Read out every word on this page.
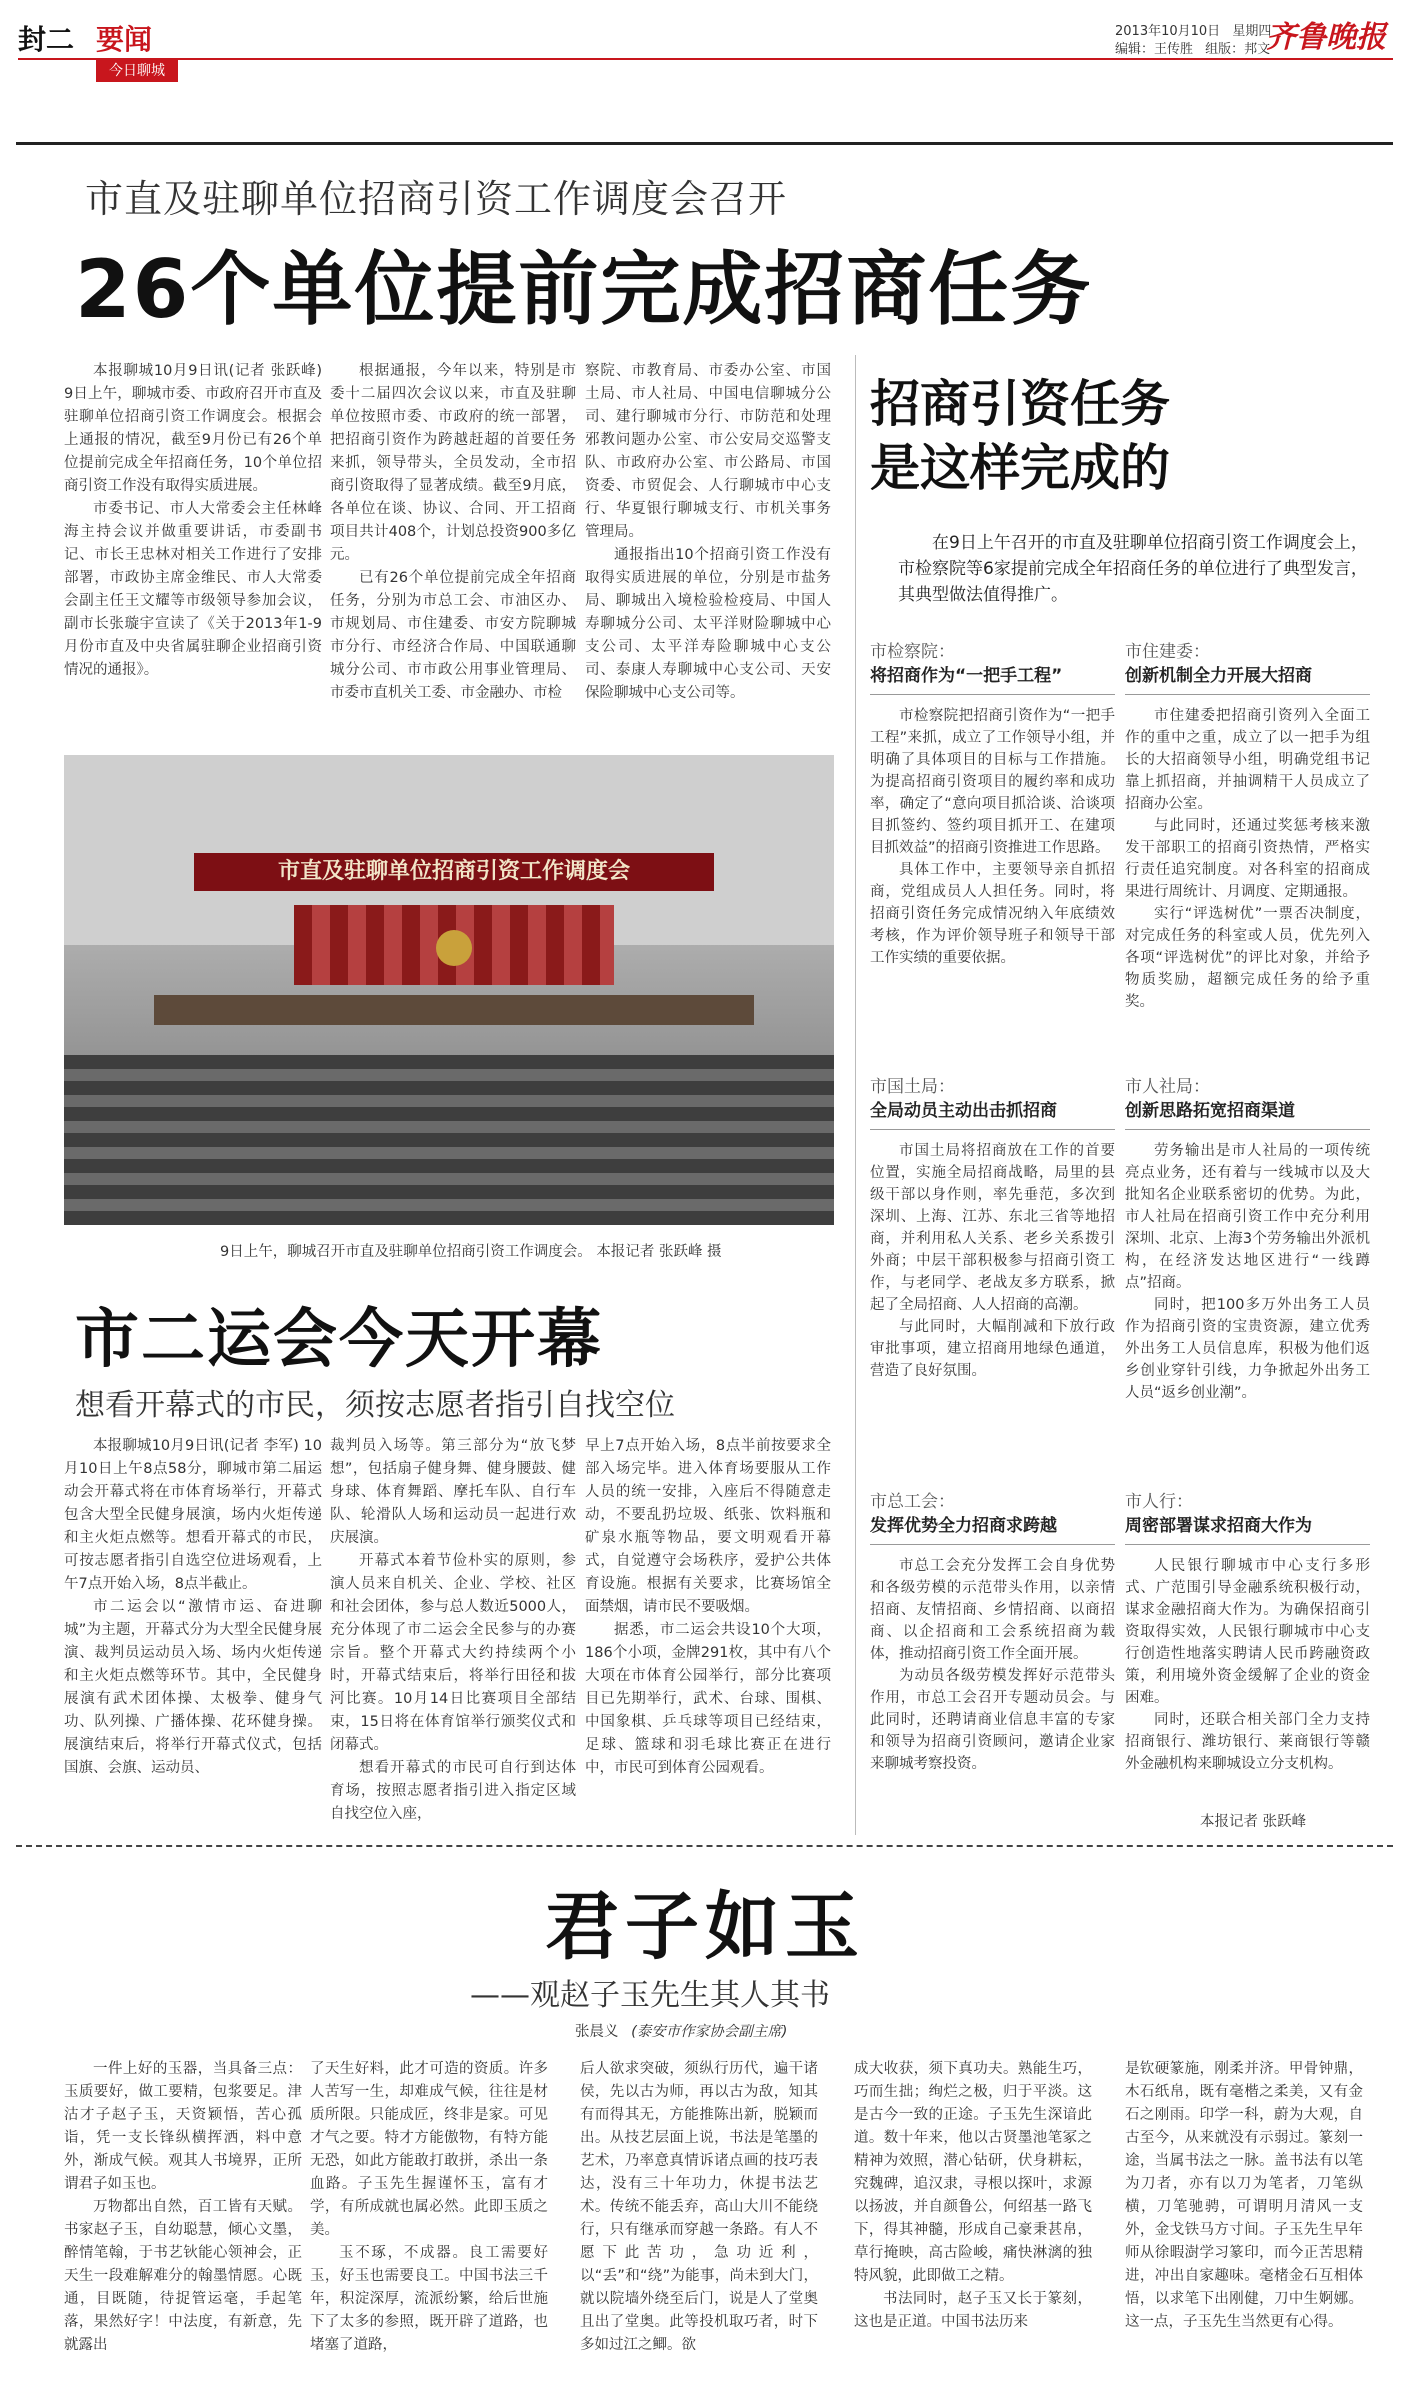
封二 要闻
今日聊城
2013年10月10日 星期四
编辑：王传胜 组版：邦文
齐鲁晚报
市直及驻聊单位招商引资工作调度会召开
26个单位提前完成招商任务

本报聊城10月9日讯(记者 张跃峰) 9日上午，聊城市委、市政府召开市直及驻聊单位招商引资工作调度会。根据会上通报的情况，截至9月份已有26个单位提前完成全年招商任务，10个单位招商引资工作没有取得实质进展。

市委书记、市人大常委会主任林峰海主持会议并做重要讲话，市委副书记、市长王忠林对相关工作进行了安排部署，市政协主席金维民、市人大常委会副主任王文耀等市级领导参加会议，副市长张璇宇宣读了《关于2013年1-9月份市直及中央省属驻聊企业招商引资情况的通报》。

根据通报，今年以来，特别是市委十二届四次会议以来，市直及驻聊单位按照市委、市政府的统一部署，把招商引资作为跨越赶超的首要任务来抓，领导带头，全员发动，全市招商引资取得了显著成绩。截至9月底，各单位在谈、协议、合同、开工招商项目共计408个，计划总投资900多亿元。

已有26个单位提前完成全年招商任务，分别为市总工会、市油区办、市规划局、市住建委、市安方院聊城市分行、市经济合作局、中国联通聊城分公司、市市政公用事业管理局、市委市直机关工委、市金融办、市检

察院、市教育局、市委办公室、市国土局、市人社局、中国电信聊城分公司、建行聊城市分行、市防范和处理邪教问题办公室、市公安局交巡警支队、市政府办公室、市公路局、市国资委、市贸促会、人行聊城市中心支行、华夏银行聊城支行、市机关事务管理局。

通报指出10个招商引资工作没有取得实质进展的单位，分别是市盐务局、聊城出入境检验检疫局、中国人寿聊城分公司、太平洋财险聊城中心支公司、太平洋寿险聊城中心支公司、泰康人寿聊城中心支公司、天安保险聊城中心支公司等。

市直及驻聊单位招商引资工作调度会
9日上午，聊城召开市直及驻聊单位招商引资工作调度会。 本报记者 张跃峰 摄
招商引资任务
是这样完成的
在9日上午召开的市直及驻聊单位招商引资工作调度会上，市检察院等6家提前完成全年招商任务的单位进行了典型发言，其典型做法值得推广。
市检察院：
将招商作为“一把手工程”

市检察院把招商引资作为“一把手工程”来抓，成立了工作领导小组，并明确了具体项目的目标与工作措施。为提高招商引资项目的履约率和成功率，确定了“意向项目抓洽谈、洽谈项目抓签约、签约项目抓开工、在建项目抓效益”的招商引资推进工作思路。

具体工作中，主要领导亲自抓招商，党组成员人人担任务。同时，将招商引资任务完成情况纳入年底绩效考核，作为评价领导班子和领导干部工作实绩的重要依据。

市住建委：
创新机制全力开展大招商

市住建委把招商引资列入全面工作的重中之重，成立了以一把手为组长的大招商领导小组，明确党组书记靠上抓招商，并抽调精干人员成立了招商办公室。

与此同时，还通过奖惩考核来激发干部职工的招商引资热情，严格实行责任追究制度。对各科室的招商成果进行周统计、月调度、定期通报。

实行“评选树优”一票否决制度，对完成任务的科室或人员，优先列入各项“评选树优”的评比对象，并给予物质奖励，超额完成任务的给予重奖。

市国土局：
全局动员主动出击抓招商

市国土局将招商放在工作的首要位置，实施全局招商战略，局里的县级干部以身作则，率先垂范，多次到深圳、上海、江苏、东北三省等地招商，并利用私人关系、老乡关系拨引外商；中层干部积极参与招商引资工作，与老同学、老战友多方联系，掀起了全局招商、人人招商的高潮。

与此同时，大幅削减和下放行政审批事项，建立招商用地绿色通道，营造了良好氛围。

市人社局：
创新思路拓宽招商渠道

劳务输出是市人社局的一项传统亮点业务，还有着与一线城市以及大批知名企业联系密切的优势。为此，市人社局在招商引资工作中充分利用深圳、北京、上海3个劳务输出外派机构，在经济发达地区进行“一线蹲点”招商。

同时，把100多万外出务工人员作为招商引资的宝贵资源，建立优秀外出务工人员信息库，积极为他们返乡创业穿针引线，力争掀起外出务工人员“返乡创业潮”。

市总工会：
发挥优势全力招商求跨越

市总工会充分发挥工会自身优势和各级劳模的示范带头作用，以亲情招商、友情招商、乡情招商、以商招商、以企招商和工会系统招商为载体，推动招商引资工作全面开展。

为动员各级劳模发挥好示范带头作用，市总工会召开专题动员会。与此同时，还聘请商业信息丰富的专家和领导为招商引资顾问，邀请企业家来聊城考察投资。

市人行：
周密部署谋求招商大作为

人民银行聊城市中心支行多形式、广范围引导金融系统积极行动，谋求金融招商大作为。为确保招商引资取得实效，人民银行聊城市中心支行创造性地落实聘请人民币跨融资政策，利用境外资金缓解了企业的资金困难。

同时，还联合相关部门全力支持招商银行、潍坊银行、莱商银行等赣外金融机构来聊城设立分支机构。

本报记者 张跃峰
市二运会今天开幕
想看开幕式的市民，须按志愿者指引自找空位

本报聊城10月9日讯(记者 李军) 10月10日上午8点58分，聊城市第二届运动会开幕式将在市体育场举行，开幕式包含大型全民健身展演，场内火炬传递和主火炬点燃等。想看开幕式的市民，可按志愿者指引自选空位进场观看，上午7点开始入场，8点半截止。

市二运会以“激情市运、奋进聊城”为主题，开幕式分为大型全民健身展演、裁判员运动员入场、场内火炬传递和主火炬点燃等环节。其中，全民健身展演有武术团体操、太极拳、健身气功、队列操、广播体操、花环健身操。展演结束后，将举行开幕式仪式，包括国旗、会旗、运动员、

裁判员入场等。第三部分为“放飞梦想”，包括扇子健身舞、健身腰鼓、健身球、体育舞蹈、摩托车队、自行车队、轮滑队人场和运动员一起进行欢庆展演。

开幕式本着节俭朴实的原则，参演人员来自机关、企业、学校、社区和社会团体，参与总人数近5000人，充分体现了市二运会全民参与的办赛宗旨。整个开幕式大约持续两个小时，开幕式结束后，将举行田径和拔河比赛。10月14日比赛项目全部结束，15日将在体育馆举行颁奖仪式和闭幕式。

想看开幕式的市民可自行到达体育场，按照志愿者指引进入指定区域自找空位入座，

早上7点开始入场，8点半前按要求全部入场完毕。进入体育场要服从工作人员的统一安排，入座后不得随意走动，不要乱扔垃圾、纸张、饮料瓶和矿泉水瓶等物品，要文明观看开幕式，自觉遵守会场秩序，爱护公共体育设施。根据有关要求，比赛场馆全面禁烟，请市民不要吸烟。

据悉，市二运会共设10个大项，186个小项，金牌291枚，其中有八个大项在市体育公园举行，部分比赛项目已先期举行，武术、台球、围棋、中国象棋、乒乓球等项目已经结束，足球、篮球和羽毛球比赛正在进行中，市民可到体育公园观看。

君子如玉
——观赵子玉先生其人其书
张晨义 (泰安市作家协会副主席)

一件上好的玉器，当具备三点：玉质要好，做工要精，包浆要足。津沽才子赵子玉，天资颖悟，苦心孤诣，凭一支长锋纵横挥洒，料中意外，渐成气候。观其人书境界，正所谓君子如玉也。

万物都出自然，百工皆有天赋。书家赵子玉，自幼聪慧，倾心文墨，醉情笔翰，于书艺钬能心领神会，正天生一段难解难分的翰墨情愿。心既通，目既随，待捉管运毫，手起笔落，果然好字！中法度，有新意，先就露出

了天生好料，此才可造的资质。许多人苦写一生，却难成气候，往往是材质所限。只能成匠，终非是家。可见才气之要。特才方能傲物，有特方能无恐，如此方能敢打敢拼，杀出一条血路。子玉先生握谨怀玉，富有才学，有所成就也属必然。此即玉质之美。

玉不琢，不成器。良工需要好玉，好玉也需要良工。中国书法三千年，积淀深厚，流派纷繁，给后世施下了太多的参照，既开辟了道路，也堵塞了道路，

后人欲求突破，须纵行历代，遍干诸侯，先以古为师，再以古为敌，知其有而得其无，方能推陈出新，脱颖而出。从技艺层面上说，书法是笔墨的艺术，乃率意真情诉诸点画的技巧表达，没有三十年功力，休提书法艺术。传统不能丢弃，高山大川不能绕行，只有继承而穿越一条路。有人不愿下此苦功，急功近利，以“丢”和“绕”为能事，尚未到大门，就以院墙外绕至后门，说是人了堂奥且出了堂奥。此等投机取巧者，时下多如过江之鲫。欲

成大收获，须下真功夫。熟能生巧，巧而生拙；绚烂之极，归于平淡。这是古今一致的正途。子玉先生深谙此道。数十年来，他以古贤墨池笔冢之精神为效照，潜心钻研，伏身耕耘，究魏碑，追汉隶，寻根以探叶，求源以扬波，并自颜鲁公，何绍基一路飞下，得其神髓，形成自己豪秉甚帛，草行掩映，高古险峻，痛快淋漓的独特风貌，此即做工之精。

书法同时，赵子玉又长于篆刻，这也是正道。中国书法历来

是钦硬篆施，刚柔并济。甲骨钟鼎，木石纸帛，既有毫楷之柔美，又有金石之刚雨。印学一科，蔚为大观，自古至今，从来就没有示弱过。篆刻一途，当属书法之一脉。盖书法有以笔为刀者，亦有以刀为笔者，刀笔纵横，刀笔驰骋，可谓明月清风一支外，金戈铁马方寸间。子玉先生早年师从徐暇澍学习篆印，而今正苦思精进，冲出自家趣味。毫楮金石互相体悟，以求笔下出刚健，刀中生婀娜。这一点，子玉先生当然更有心得。
